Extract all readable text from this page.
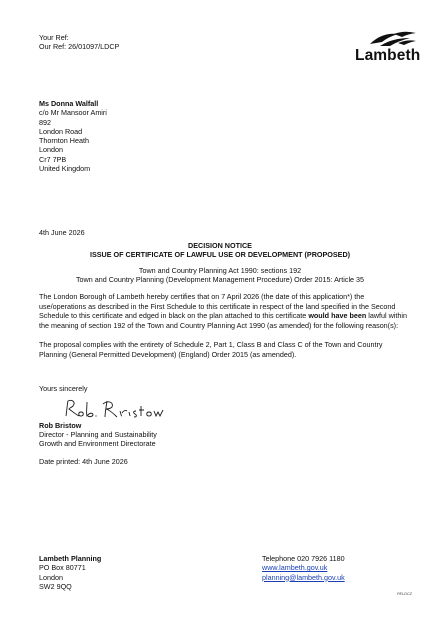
Your Ref:
Our Ref: 26/01097/LDCP
Lambeth
Ms Donna Walfall
c/o Mr Mansoor Amiri
892
London Road
Thornton Heath
London
Cr7 7PB
United Kingdom
4th June 2026
DECISION NOTICE
ISSUE OF CERTIFICATE OF LAWFUL USE OR DEVELOPMENT (PROPOSED)
Town and Country Planning Act 1990: sections 192
Town and Country Planning (Development Management Procedure) Order 2015: Article 35
The London Borough of Lambeth hereby certifies that on 7 April 2026 (the date of this application*) the use/operations as described in the First Schedule to this certificate in respect of the land specified in the Second Schedule to this certificate and edged in black on the plan attached to this certificate would have been lawful within the meaning of section 192 of the Town and Country Planning Act 1990 (as amended) for the following reason(s):
The proposal complies with the entirety of Schedule 2, Part 1, Class B and Class C of the Town and Country Planning (General Permitted Development) (England) Order 2015 (as amended).
Yours sincerely
Rob Bristow
Director - Planning and Sustainability
Growth and Environment Directorate
Date printed: 4th June 2026
Lambeth Planning
PO Box 80771
London
SW2 9QQ
Telephone 020 7926 1180
www.lambeth.gov.uk
planning@lambeth.gov.uk
PELDCZ
